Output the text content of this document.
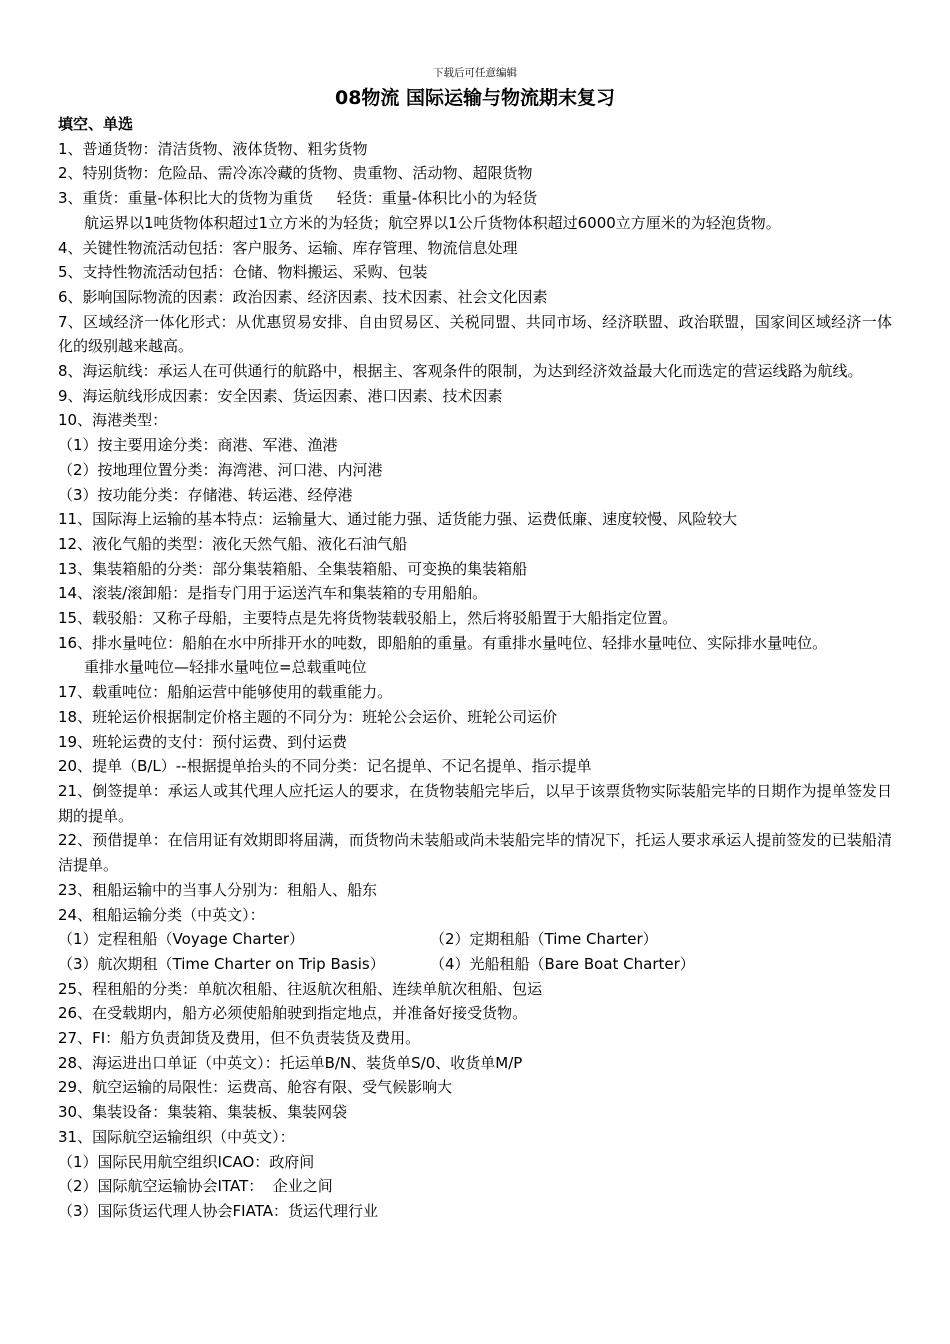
下载后可任意编辑
08物流 国际运输与物流期末复习
填空、单选
1、普通货物：清洁货物、液体货物、粗劣货物
2、特别货物：危险品、需冷冻冷藏的货物、贵重物、活动物、超限货物
3、重货：重量-体积比大的货物为重货     轻货：重量-体积比小的为轻货
航运界以1吨货物体积超过1立方米的为轻货；航空界以1公斤货物体积超过6000立方厘米的为轻泡货物。
4、关键性物流活动包括：客户服务、运输、库存管理、物流信息处理
5、支持性物流活动包括：仓储、物料搬运、采购、包装
6、影响国际物流的因素：政治因素、经济因素、技术因素、社会文化因素
7、区域经济一体化形式：从优惠贸易安排、自由贸易区、关税同盟、共同市场、经济联盟、政治联盟，国家间区域经济一体化的级别越来越高。
8、海运航线：承运人在可供通行的航路中，根据主、客观条件的限制，为达到经济效益最大化而选定的营运线路为航线。
9、海运航线形成因素：安全因素、货运因素、港口因素、技术因素
10、海港类型：
（1）按主要用途分类：商港、军港、渔港
（2）按地理位置分类：海湾港、河口港、内河港
（3）按功能分类：存储港、转运港、经停港
11、国际海上运输的基本特点：运输量大、通过能力强、适货能力强、运费低廉、速度较慢、风险较大
12、液化气船的类型：液化天然气船、液化石油气船
13、集装箱船的分类：部分集装箱船、全集装箱船、可变换的集装箱船
14、滚装/滚卸船：是指专门用于运送汽车和集装箱的专用船舶。
15、载驳船：又称子母船，主要特点是先将货物装载驳船上，然后将驳船置于大船指定位置。
16、排水量吨位：船舶在水中所排开水的吨数，即船舶的重量。有重排水量吨位、轻排水量吨位、实际排水量吨位。
重排水量吨位—轻排水量吨位=总载重吨位
17、载重吨位：船舶运营中能够使用的载重能力。
18、班轮运价根据制定价格主题的不同分为：班轮公会运价、班轮公司运价
19、班轮运费的支付：预付运费、到付运费
20、提单（B/L）--根据提单抬头的不同分类：记名提单、不记名提单、指示提单
21、倒签提单：承运人或其代理人应托运人的要求，在货物装船完毕后，以早于该票货物实际装船完毕的日期作为提单签发日期的提单。
22、预借提单：在信用证有效期即将届满，而货物尚未装船或尚未装船完毕的情况下，托运人要求承运人提前签发的已装船清洁提单。
23、租船运输中的当事人分别为：租船人、船东
24、租船运输分类（中英文）：
（1）定程租船（Voyage Charter）	（2）定期租船（Time Charter）
（3）航次期租（Time Charter on Trip Basis）	（4）光船租船（Bare Boat Charter）
25、程租船的分类：单航次租船、往返航次租船、连续单航次租船、包运
26、在受载期内，船方必须使船舶驶到指定地点，并准备好接受货物。
27、FI：船方负责卸货及费用，但不负责装货及费用。
28、海运进出口单证（中英文）：托运单B/N、装货单S/0、收货单M/P
29、航空运输的局限性：运费高、舱容有限、受气候影响大
30、集装设备：集装箱、集装板、集装网袋
31、国际航空运输组织（中英文）：
（1）国际民用航空组织ICAO：政府间
（2）国际航空运输协会ITAT：  企业之间
（3）国际货运代理人协会FIATA：货运代理行业
